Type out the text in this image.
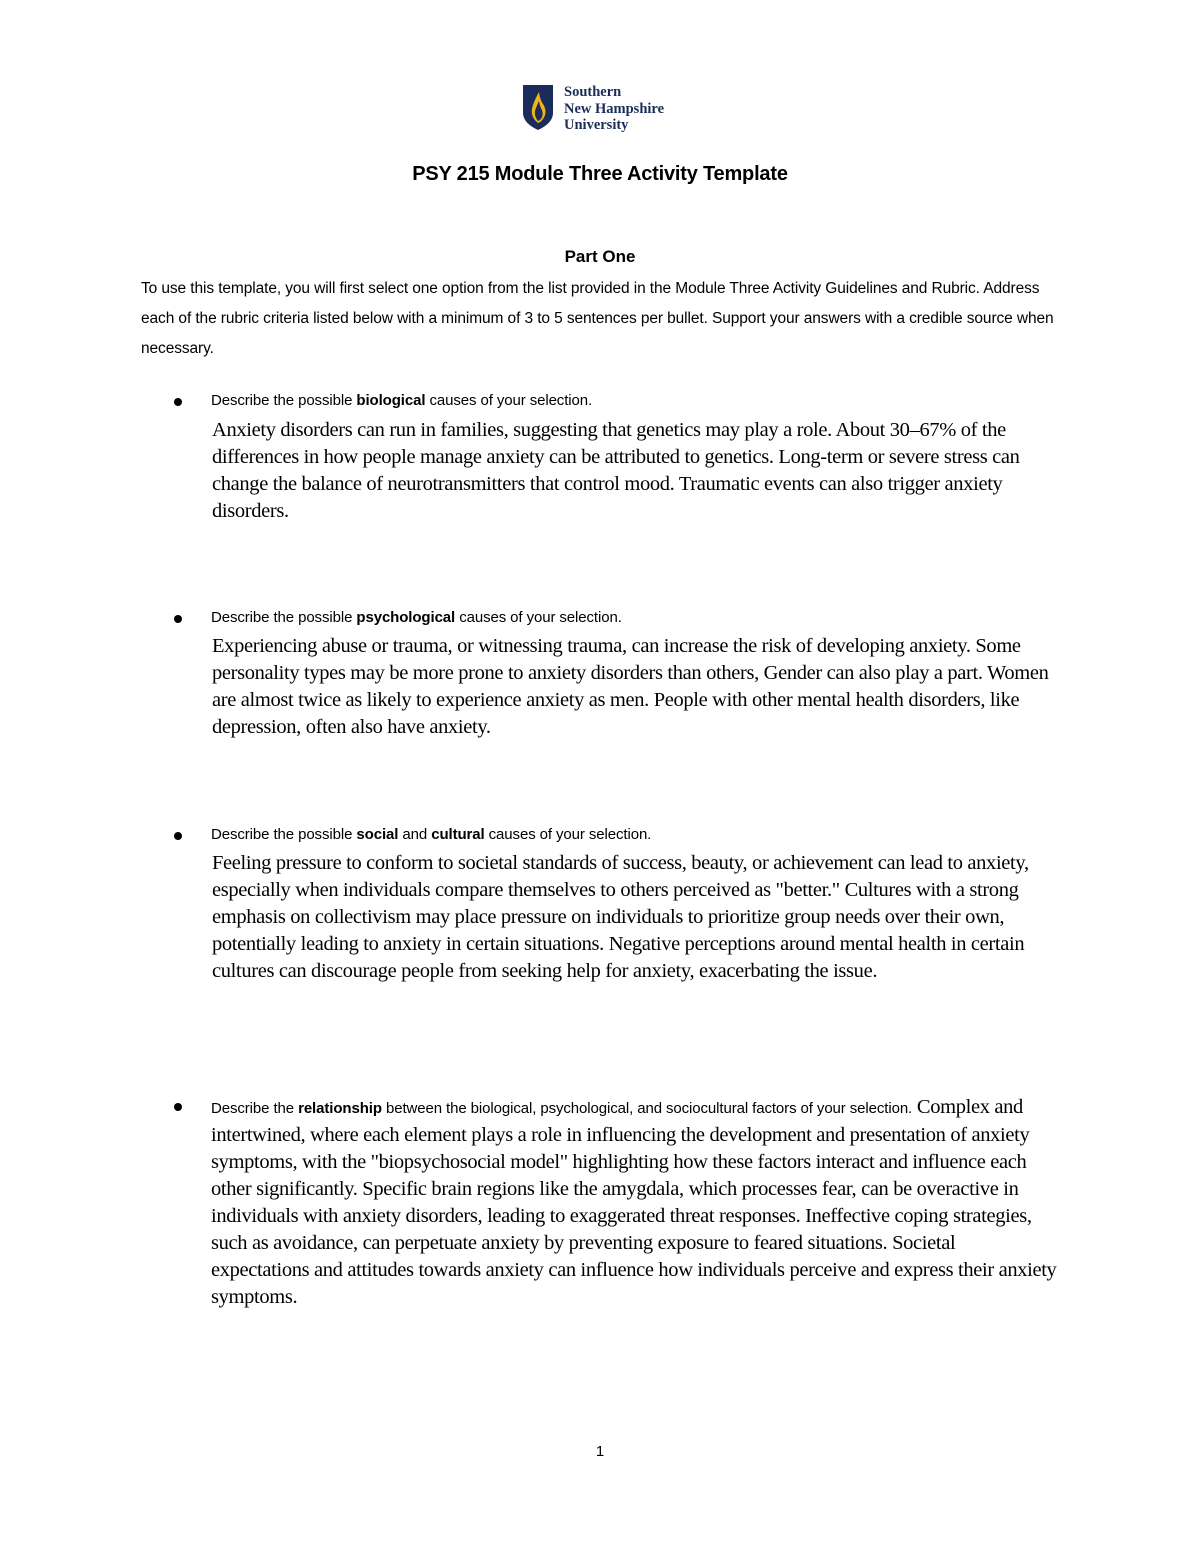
Southern
New Hampshire
University
PSY 215 Module Three Activity Template
Part One
To use this template, you will first select one option from the list provided in the Module Three Activity Guidelines and Rubric. Address each of the rubric criteria listed below with a minimum of 3 to 5 sentences per bullet. Support your answers with a credible source when necessary.
Describe the possible biological causes of your selection.
Anxiety disorders can run in families, suggesting that genetics may play a role. About 30–67% of the differences in how people manage anxiety can be attributed to genetics. Long-term or severe stress can change the balance of neurotransmitters that control mood. Traumatic events can also trigger anxiety disorders.
Describe the possible psychological causes of your selection.
Experiencing abuse or trauma, or witnessing trauma, can increase the risk of developing anxiety. Some personality types may be more prone to anxiety disorders than others, Gender can also play a part. Women are almost twice as likely to experience anxiety as men. People with other mental health disorders, like depression, often also have anxiety.
Describe the possible social and cultural causes of your selection.
Feeling pressure to conform to societal standards of success, beauty, or achievement can lead to anxiety, especially when individuals compare themselves to others perceived as "better." Cultures with a strong emphasis on collectivism may place pressure on individuals to prioritize group needs over their own, potentially leading to anxiety in certain situations. Negative perceptions around mental health in certain cultures can discourage people from seeking help for anxiety, exacerbating the issue.
Describe the relationship between the biological, psychological, and sociocultural factors of your selection. Complex and intertwined, where each element plays a role in influencing the development and presentation of anxiety symptoms, with the "biopsychosocial model" highlighting how these factors interact and influence each other significantly. Specific brain regions like the amygdala, which processes fear, can be overactive in individuals with anxiety disorders, leading to exaggerated threat responses. Ineffective coping strategies, such as avoidance, can perpetuate anxiety by preventing exposure to feared situations. Societal expectations and attitudes towards anxiety can influence how individuals perceive and express their anxiety symptoms.
1
